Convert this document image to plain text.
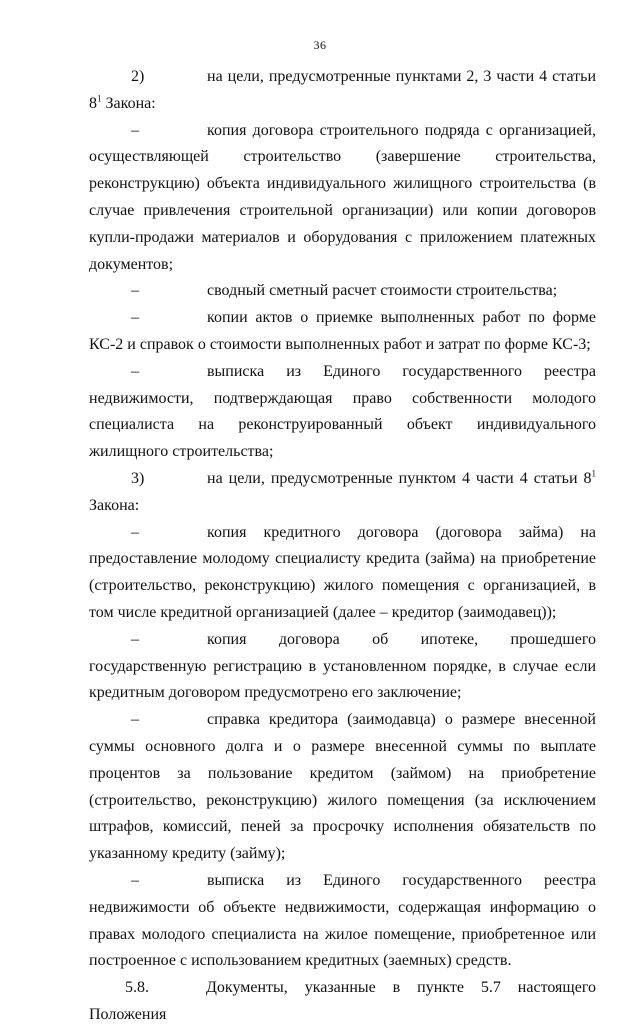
36

2)	на цели, предусмотренные пунктами 2, 3 части 4 статьи $8^1$ Закона:

–	копия договора строительного подряда с организацией, осуществляющей строительство (завершение строительства, реконструкцию) объекта индивидуального жилищного строительства (в случае привлечения строительной организации) или копии договоров купли-продажи материалов и оборудования с приложением платежных документов;

–	сводный сметный расчет стоимости строительства;

–	копии актов о приемке выполненных работ по форме КС-2 и справок о стоимости выполненных работ и затрат по форме КС-3;

–	выписка из Единого государственного реестра недвижимости, подтверждающая право собственности молодого специалиста на реконструированный объект индивидуального жилищного строительства;

3)	на цели, предусмотренные пунктом 4 части 4 статьи $8^1$ Закона:

–	копия кредитного договора (договора займа) на предоставление молодому специалисту кредита (займа) на приобретение (строительство, реконструкцию) жилого помещения с организацией, в том числе кредитной организацией (далее – кредитор (заимодавец));

–	копия договора об ипотеке, прошедшего государственную регистрацию в установленном порядке, в случае если кредитным договором предусмотрено его заключение;

–	справка кредитора (заимодавца) о размере внесенной суммы основного долга и о размере внесенной суммы по выплате процентов за пользование кредитом (займом) на приобретение (строительство, реконструкцию) жилого помещения (за исключением штрафов, комиссий, пеней за просрочку исполнения обязательств по указанному кредиту (займу);

–	выписка из Единого государственного реестра недвижимости об объекте недвижимости, содержащая информацию о правах молодого специалиста на жилое помещение, приобретенное или построенное с использованием кредитных (заемных) средств.

5.8.	Документы, указанные в пункте 5.7 настоящего Положения
